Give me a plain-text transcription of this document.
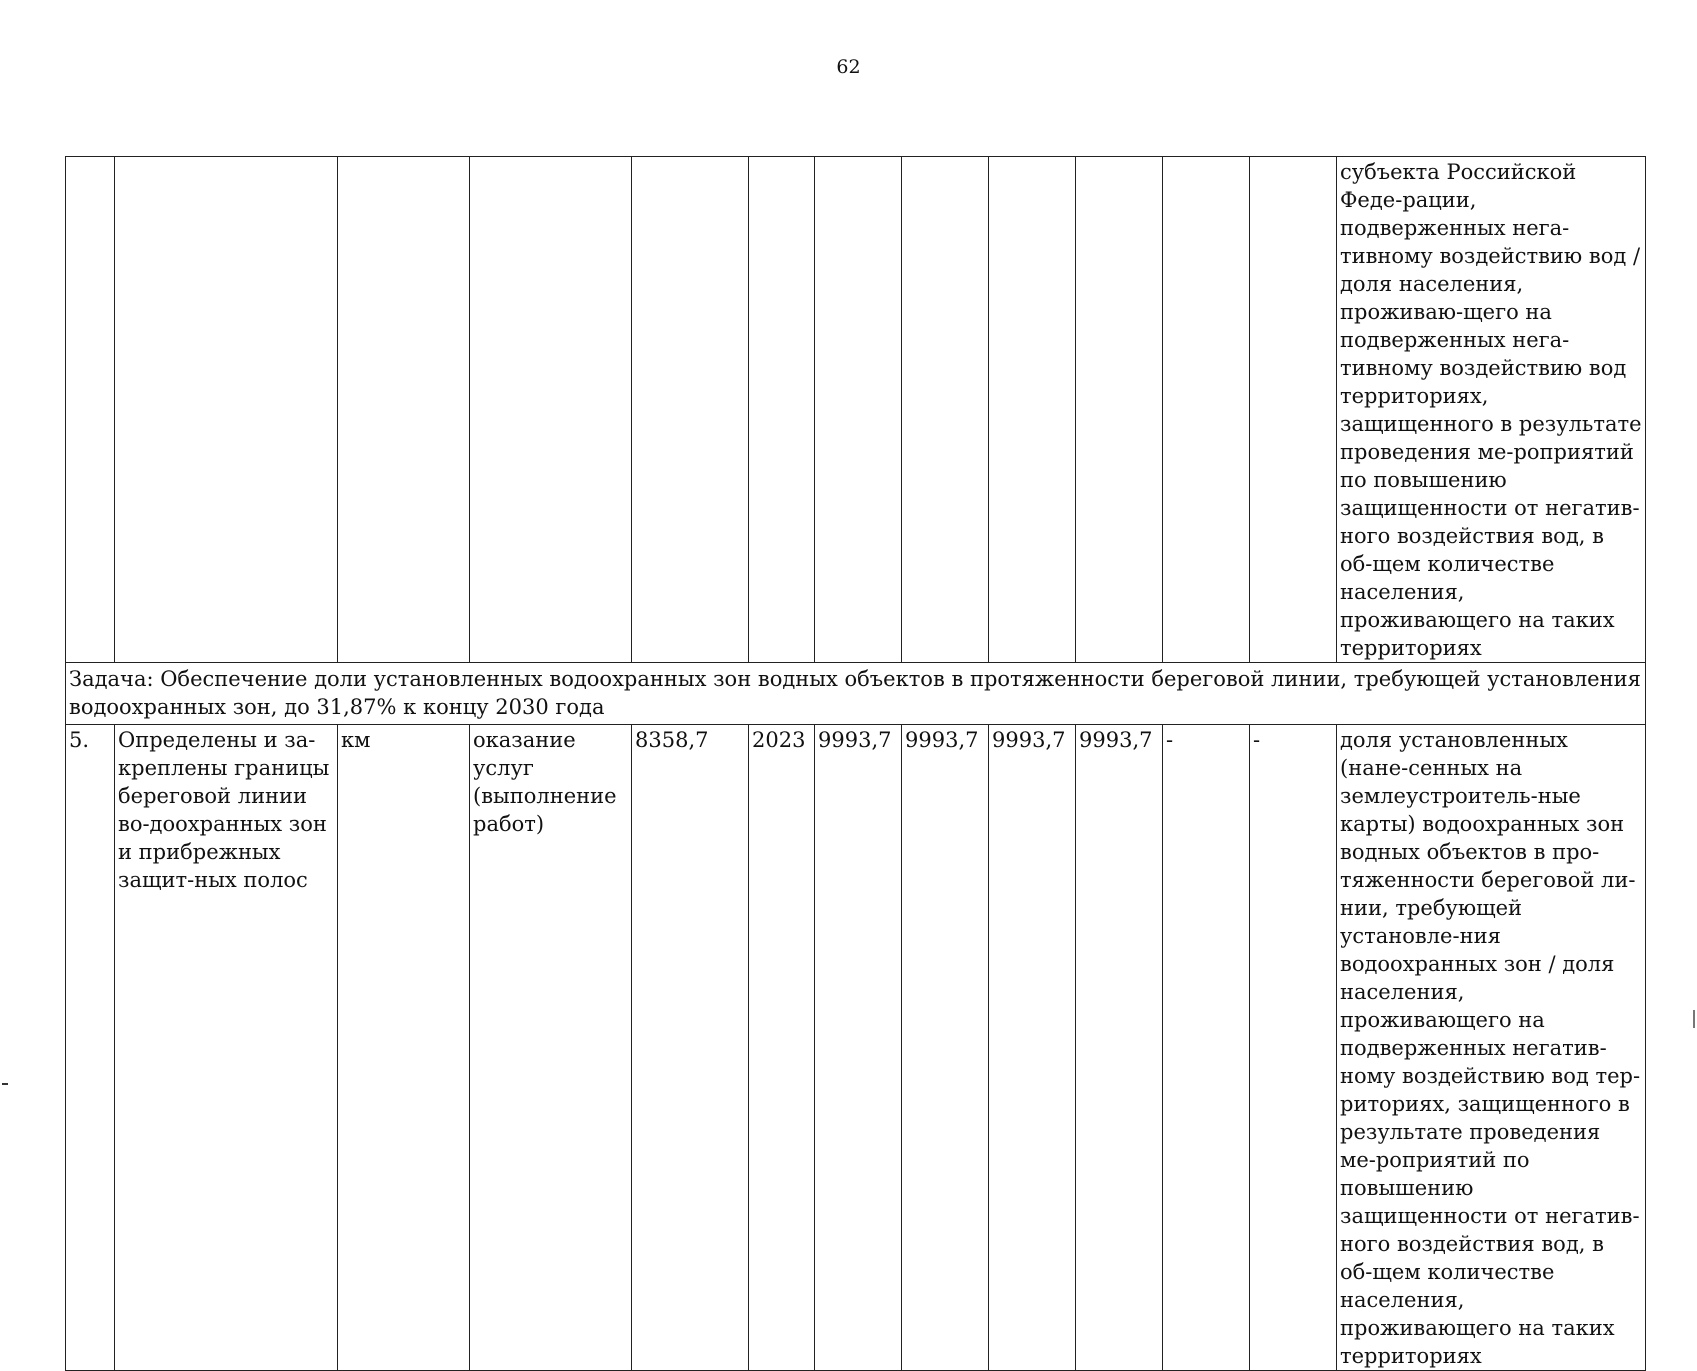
62

												субъекта Российской Феде-рации, подверженных нега-тивному воздействию вод / доля населения, проживаю-щего на подверженных нега-тивному воздействию вод территориях, защищенного в результате проведения ме-роприятий по повышению защищенности от негатив-ного воздействия вод, в об-щем количестве населения, проживающего на таких территориях

Задача: Обеспечение доли установленных водоохранных зон водных объектов в протяженности береговой линии, требующей установления водоохранных зон, до 31,87% к концу 2030 года												

5.	Определены и за-креплены границы береговой линии во-доохранных зон и прибрежных защит-ных полос	км	оказание услуг (выполнение работ)	8358,7	2023	9993,7	9993,7	9993,7	9993,7	-	-	доля установленных (нане-сенных на землеустроитель-ные карты) водоохранных зон водных объектов в про-тяженности береговой ли-нии, требующей установле-ния водоохранных зон / доля населения, проживающего на подверженных негатив-ному воздействию вод тер-риториях, защищенного в результате проведения ме-роприятий по повышению защищенности от негатив-ного воздействия вод, в об-щем количестве населения, проживающего на таких территориях
